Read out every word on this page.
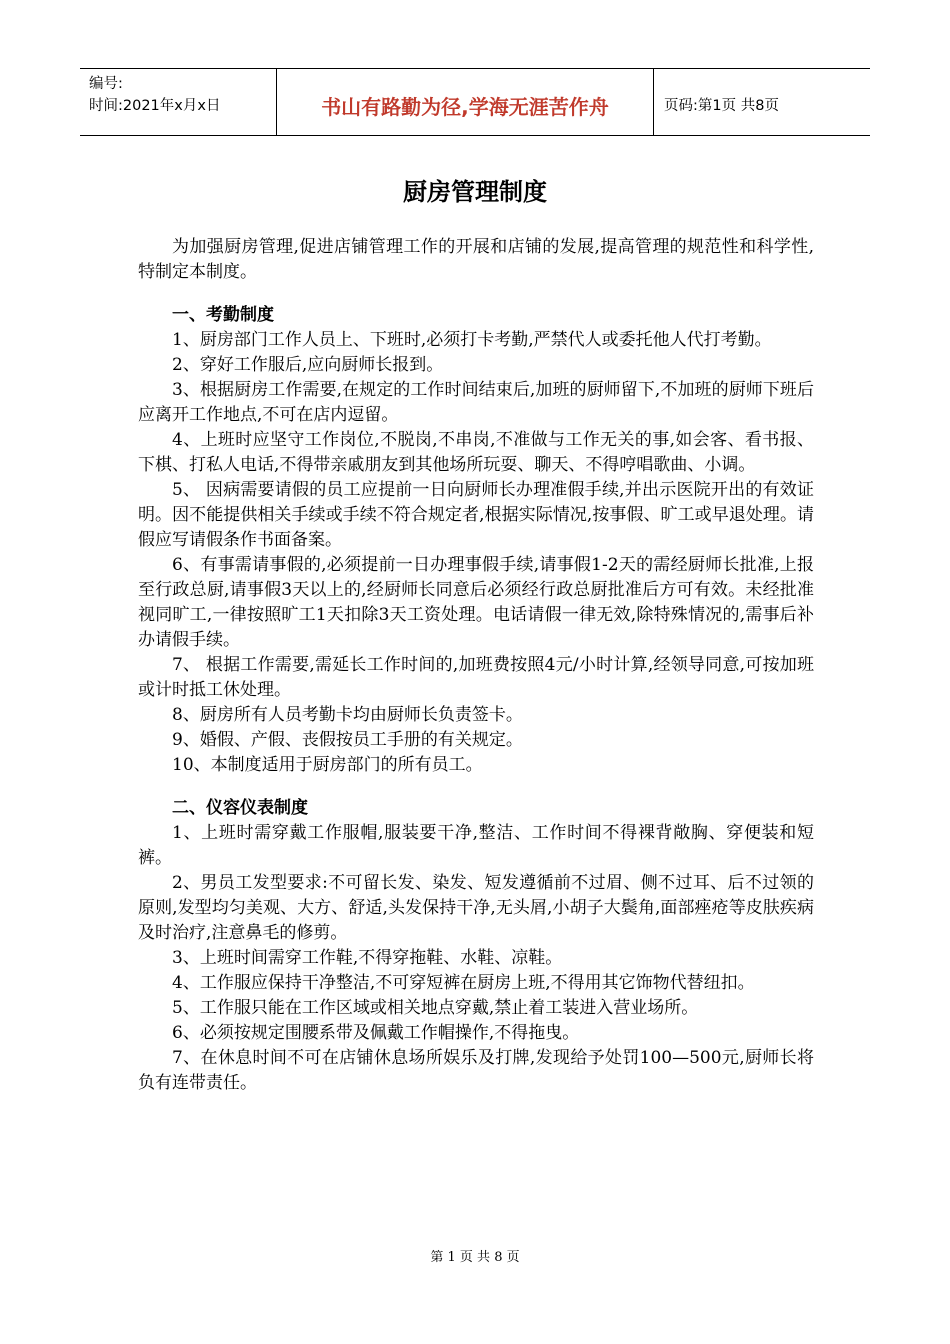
编号:
时间:2021年x月x日	书山有路勤为径,学海无涯苦作舟	页码:第1页 共8页
厨房管理制度

为加强厨房管理,促进店铺管理工作的开展和店铺的发展,提高管理的规范性和科学性,特制定本制度。

一、考勤制度

1、厨房部门工作人员上、下班时,必须打卡考勤,严禁代人或委托他人代打考勤。

2、穿好工作服后,应向厨师长报到。

3、根据厨房工作需要,在规定的工作时间结束后,加班的厨师留下,不加班的厨师下班后应离开工作地点,不可在店内逗留。

4、上班时应坚守工作岗位,不脱岗,不串岗,不准做与工作无关的事,如会客、看书报、下棋、打私人电话,不得带亲戚朋友到其他场所玩耍、聊天、不得哼唱歌曲、小调。

5、 因病需要请假的员工应提前一日向厨师长办理准假手续,并出示医院开出的有效证明。因不能提供相关手续或手续不符合规定者,根据实际情况,按事假、旷工或早退处理。请假应写请假条作书面备案。

6、有事需请事假的,必须提前一日办理事假手续,请事假1-2天的需经厨师长批准,上报至行政总厨,请事假3天以上的,经厨师长同意后必须经行政总厨批准后方可有效。未经批准视同旷工,一律按照旷工1天扣除3天工资处理。电话请假一律无效,除特殊情况的,需事后补办请假手续。

7、 根据工作需要,需延长工作时间的,加班费按照4元/小时计算,经领导同意,可按加班或计时抵工休处理。

8、厨房所有人员考勤卡均由厨师长负责签卡。

9、婚假、产假、丧假按员工手册的有关规定。

10、本制度适用于厨房部门的所有员工。

二、仪容仪表制度

1、上班时需穿戴工作服帽,服装要干净,整洁、工作时间不得裸背敞胸、穿便装和短裤。

2、男员工发型要求:不可留长发、染发、短发遵循前不过眉、侧不过耳、后不过领的原则,发型均匀美观、大方、舒适,头发保持干净,无头屑,小胡子大鬓角,面部痤疮等皮肤疾病及时治疗,注意鼻毛的修剪。

3、上班时间需穿工作鞋,不得穿拖鞋、水鞋、凉鞋。

4、工作服应保持干净整洁,不可穿短裤在厨房上班,不得用其它饰物代替纽扣。

5、工作服只能在工作区域或相关地点穿戴,禁止着工装进入营业场所。

6、必须按规定围腰系带及佩戴工作帽操作,不得拖曳。

7、在休息时间不可在店铺休息场所娱乐及打牌,发现给予处罚100—500元,厨师长将负有连带责任。

第 1 页 共 8 页
